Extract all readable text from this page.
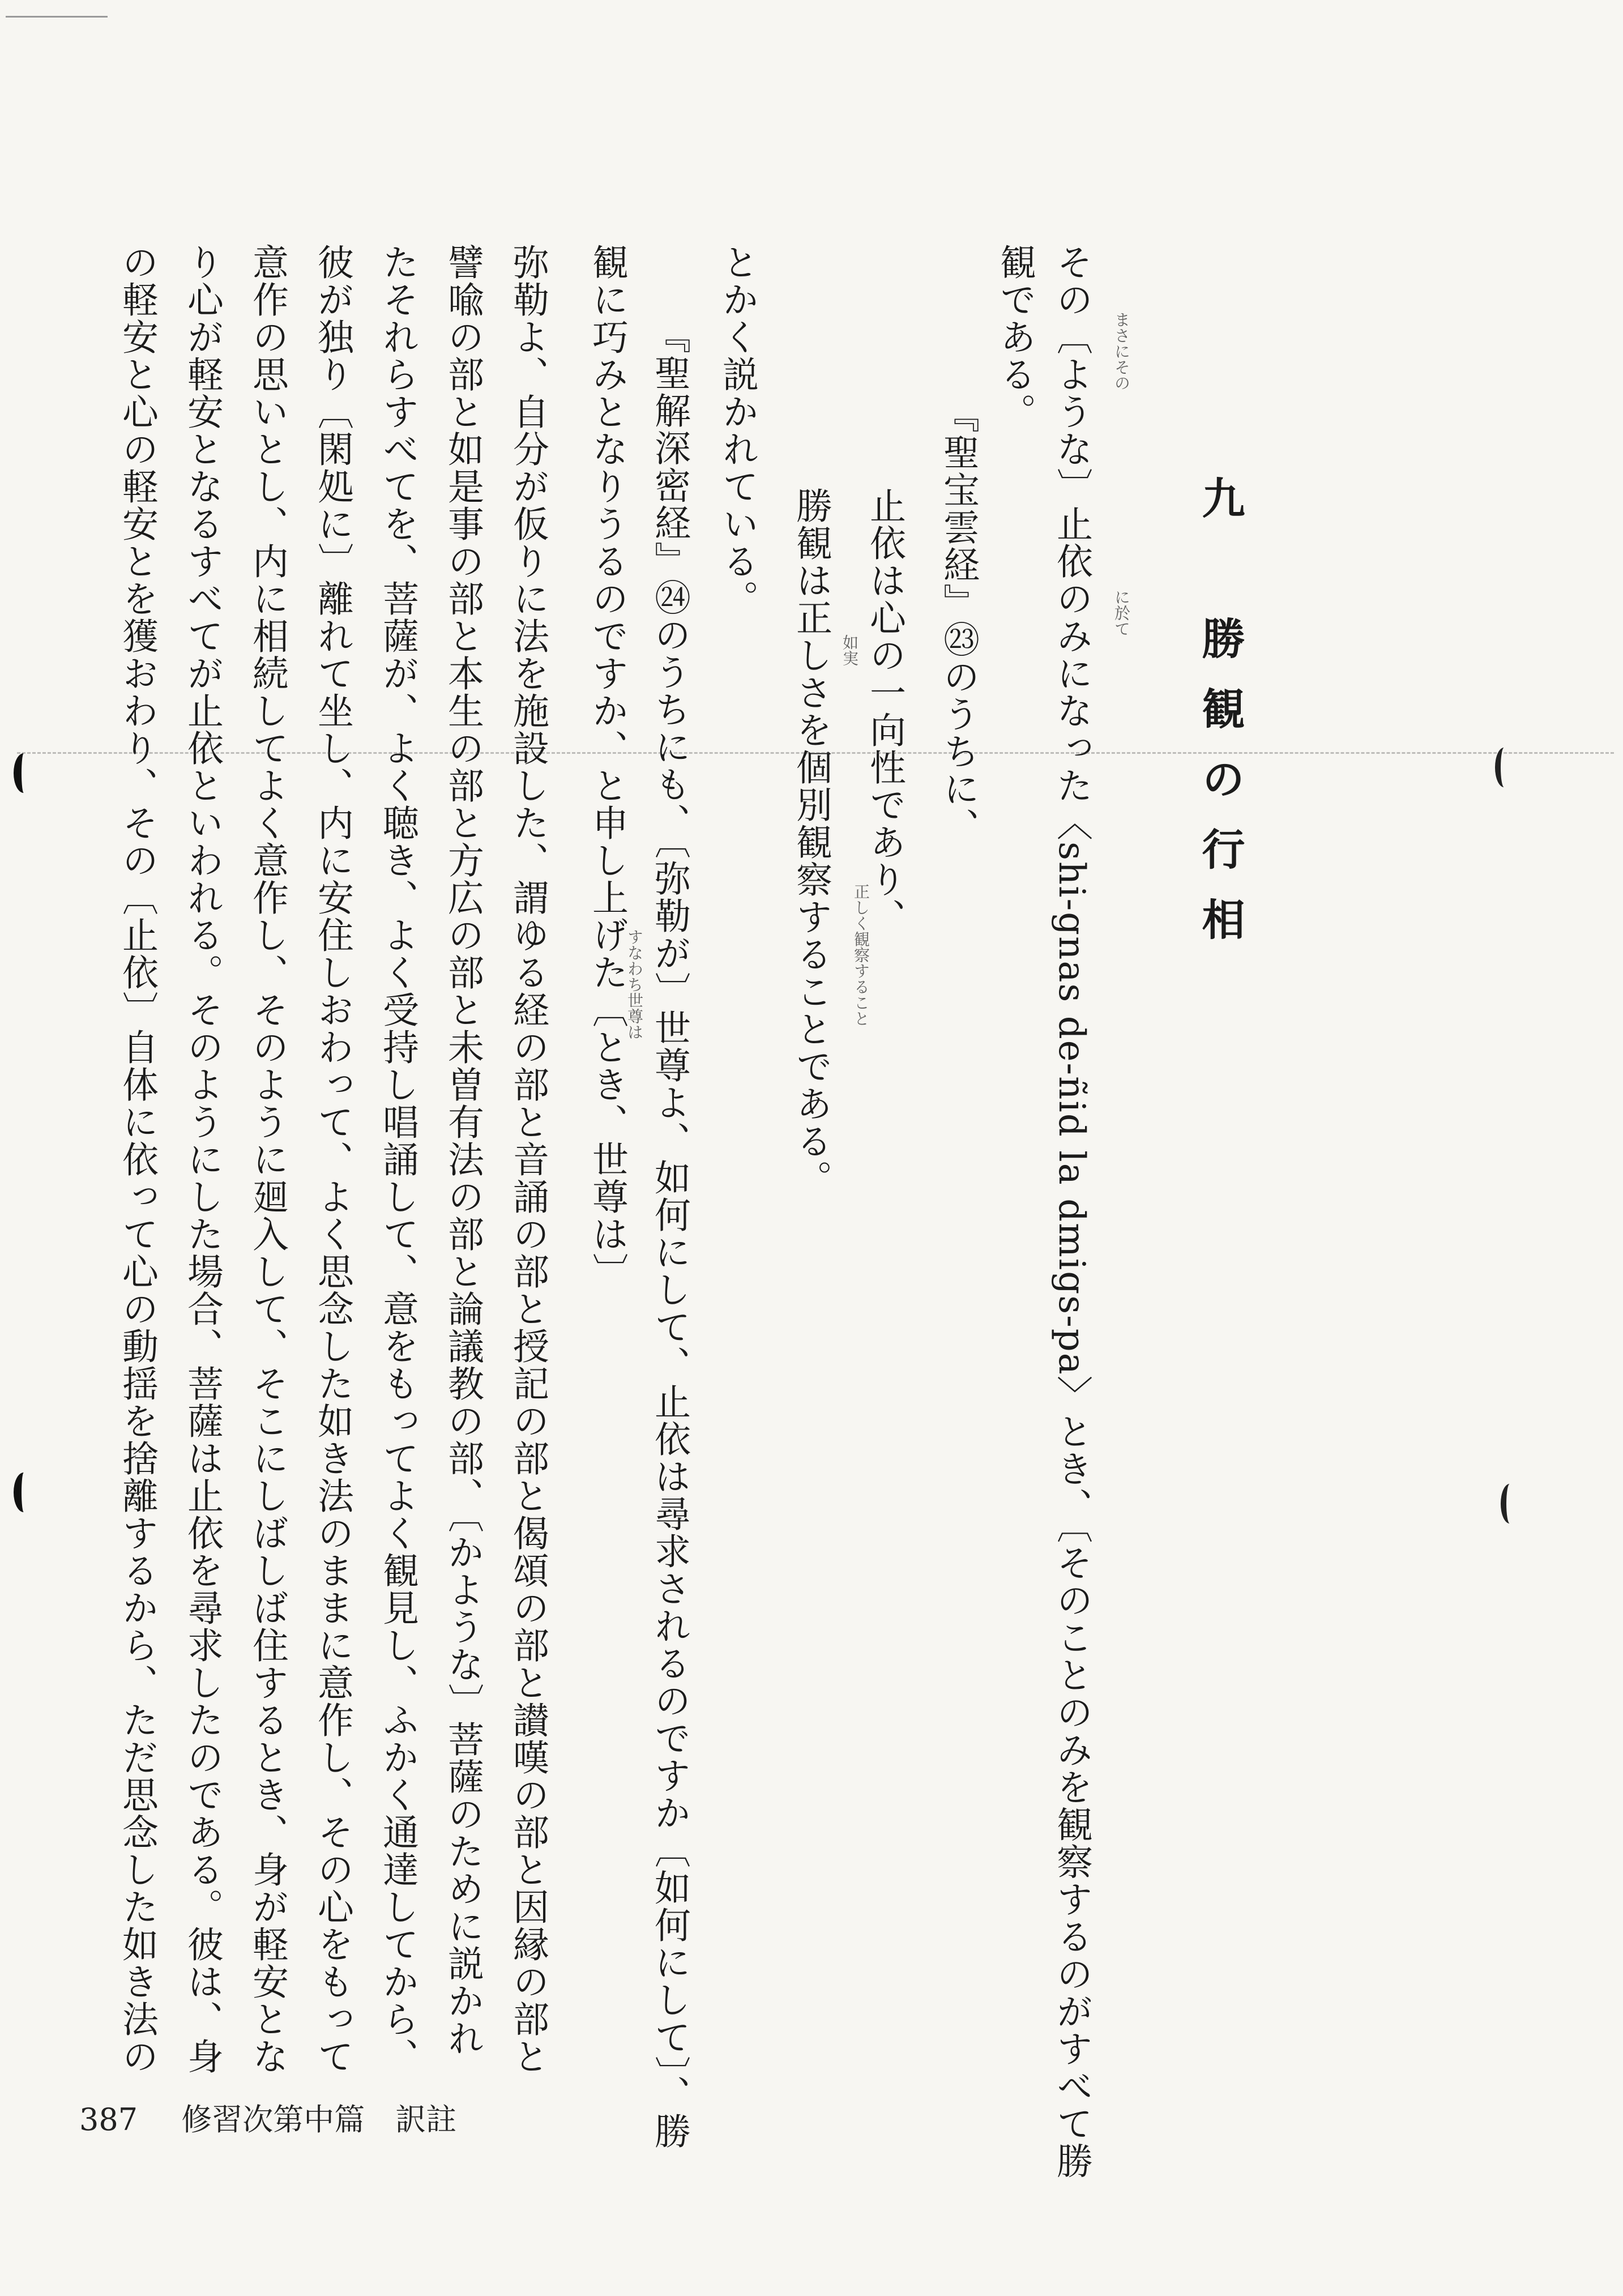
九　勝観の行相
その〔ような〕止依のみになった〈shi-gnas de-ñid la dmigs-pa〉とき、〔そのことのみを観察するのがすべて勝
観である。
『聖宝雲経』㉓のうちに、
止依は心の一向性であり、
勝観は正しさを個別観察することである。
とかく説かれている。
『聖解深密経』㉔のうちにも、〔弥勒が〕世尊よ、如何にして、止依は尋求されるのですか〔如何にして〕、勝
観に巧みとなりうるのですか、と申し上げた〔とき、世尊は〕
弥勒よ、自分が仮りに法を施設した、謂ゆる経の部と音誦の部と授記の部と偈頌の部と讃嘆の部と因縁の部と
譬喩の部と如是事の部と本生の部と方広の部と未曽有法の部と論議教の部、〔かような〕菩薩のために説かれ
たそれらすべてを、菩薩が、よく聴き、よく受持し唱誦して、意をもってよく観見し、ふかく通達してから、
彼が独り〔閑処に〕離れて坐し、内に安住しおわって、よく思念した如き法のままに意作し、その心をもって
意作の思いとし、内に相続してよく意作し、そのように廻入して、そこにしばしば住するとき、身が軽安とな
り心が軽安となるすべてが止依といわれる。そのようにした場合、菩薩は止依を尋求したのである。彼は、身
の軽安と心の軽安とを獲おわり、その〔止依〕自体に依って心の動揺を捨離するから、ただ思念した如き法の	まさにその
に於て
如実
正しく観察すること
すなわち世尊は
387 修習次第中篇　訳註
